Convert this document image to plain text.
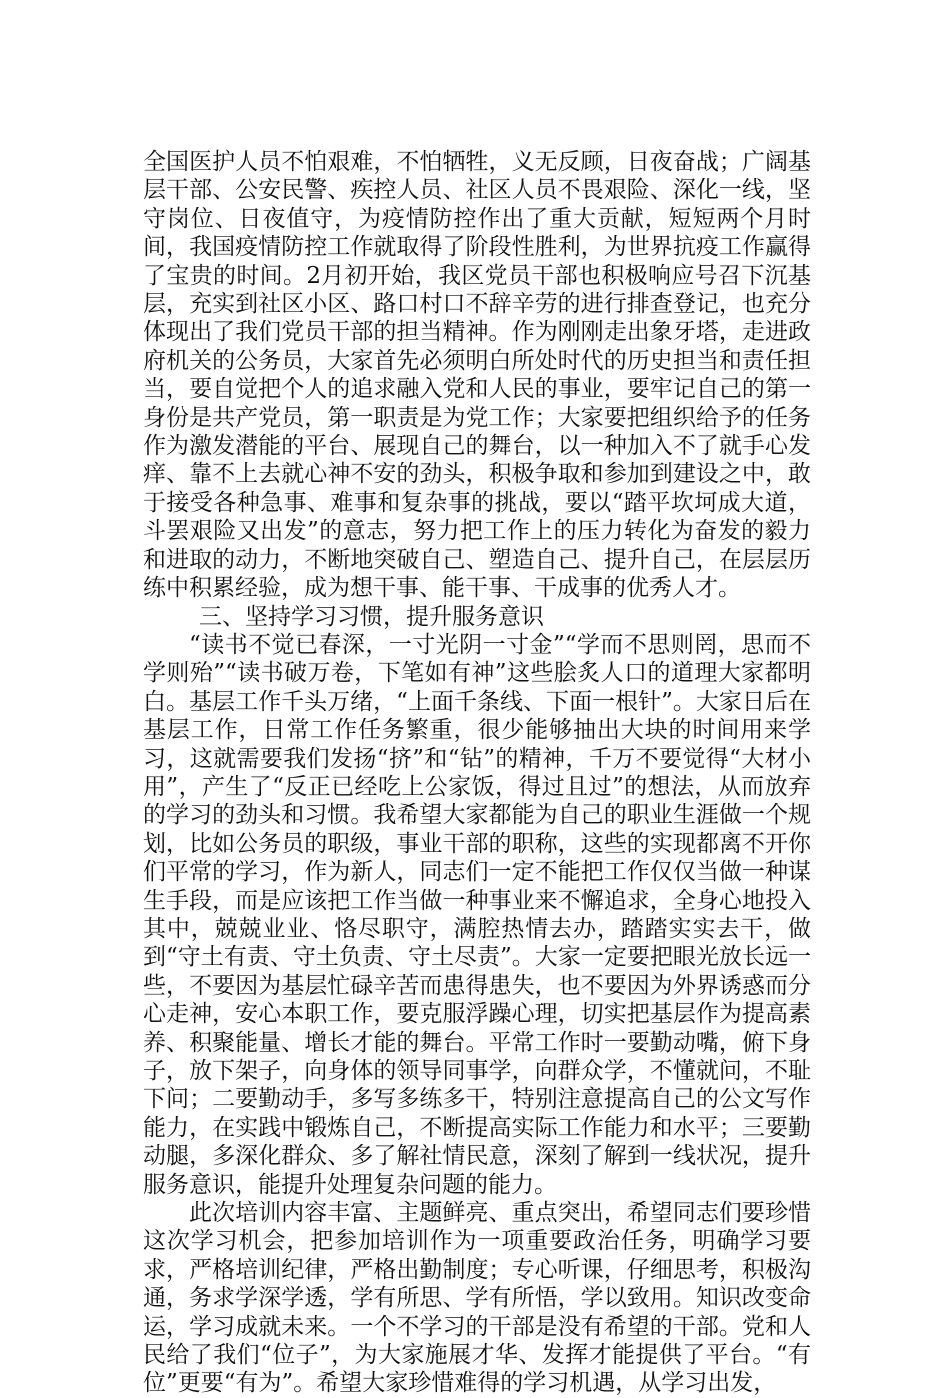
全国医护人员不怕艰难，不怕牺牲，义无反顾，日夜奋战；广阔基层干部、公安民警、疾控人员、社区人员不畏艰险、深化一线，坚守岗位、日夜值守，为疫情防控作出了重大贡献，短短两个月时间，我国疫情防控工作就取得了阶段性胜利，为世界抗疫工作赢得了宝贵的时间。2月初开始，我区党员干部也积极响应号召下沉基层，充实到社区小区、路口村口不辞辛劳的进行排查登记，也充分体现出了我们党员干部的担当精神。作为刚刚走出象牙塔，走进政府机关的公务员，大家首先必须明白所处时代的历史担当和责任担当，要自觉把个人的追求融入党和人民的事业，要牢记自己的第一身份是共产党员，第一职责是为党工作；大家要把组织给予的任务作为激发潜能的平台、展现自己的舞台，以一种加入不了就手心发痒、靠不上去就心神不安的劲头，积极争取和参加到建设之中，敢于接受各种急事、难事和复杂事的挑战，要以“踏平坎坷成大道，斗罢艰险又出发”的意志，努力把工作上的压力转化为奋发的毅力和进取的动力，不断地突破自己、塑造自己、提升自己，在层层历练中积累经验，成为想干事、能干事、干成事的优秀人才。

三、坚持学习习惯，提升服务意识

“读书不觉已春深，一寸光阴一寸金”“学而不思则罔，思而不学则殆”“读书破万卷，下笔如有神”这些脍炙人口的道理大家都明白。基层工作千头万绪，“上面千条线、下面一根针”。大家日后在基层工作，日常工作任务繁重，很少能够抽出大块的时间用来学习，这就需要我们发扬“挤”和“钻”的精神，千万不要觉得“大材小用”，产生了“反正已经吃上公家饭，得过且过”的想法，从而放弃的学习的劲头和习惯。我希望大家都能为自己的职业生涯做一个规划，比如公务员的职级，事业干部的职称，这些的实现都离不开你们平常的学习，作为新人，同志们一定不能把工作仅仅当做一种谋生手段，而是应该把工作当做一种事业来不懈追求，全身心地投入其中，兢兢业业、恪尽职守，满腔热情去办，踏踏实实去干，做到“守土有责、守土负责、守土尽责”。大家一定要把眼光放长远一些，不要因为基层忙碌辛苦而患得患失，也不要因为外界诱惑而分心走神，安心本职工作，要克服浮躁心理，切实把基层作为提高素养、积聚能量、增长才能的舞台。平常工作时一要勤动嘴，俯下身子，放下架子，向身体的领导同事学，向群众学，不懂就问，不耻下问；二要勤动手，多写多练多干，特别注意提高自己的公文写作能力，在实践中锻炼自己，不断提高实际工作能力和水平；三要勤动腿，多深化群众、多了解社情民意，深刻了解到一线状况，提升服务意识，能提升处理复杂问题的能力。

此次培训内容丰富、主题鲜亮、重点突出，希望同志们要珍惜这次学习机会，把参加培训作为一项重要政治任务，明确学习要求，严格培训纪律，严格出勤制度；专心听课，仔细思考，积极沟通，务求学深学透，学有所思、学有所悟，学以致用。知识改变命运，学习成就未来。一个不学习的干部是没有希望的干部。党和人民给了我们“位子”，为大家施展才华、发挥才能提供了平台。“有位”更要“有为”。希望大家珍惜难得的学习机遇，从学习出发，
